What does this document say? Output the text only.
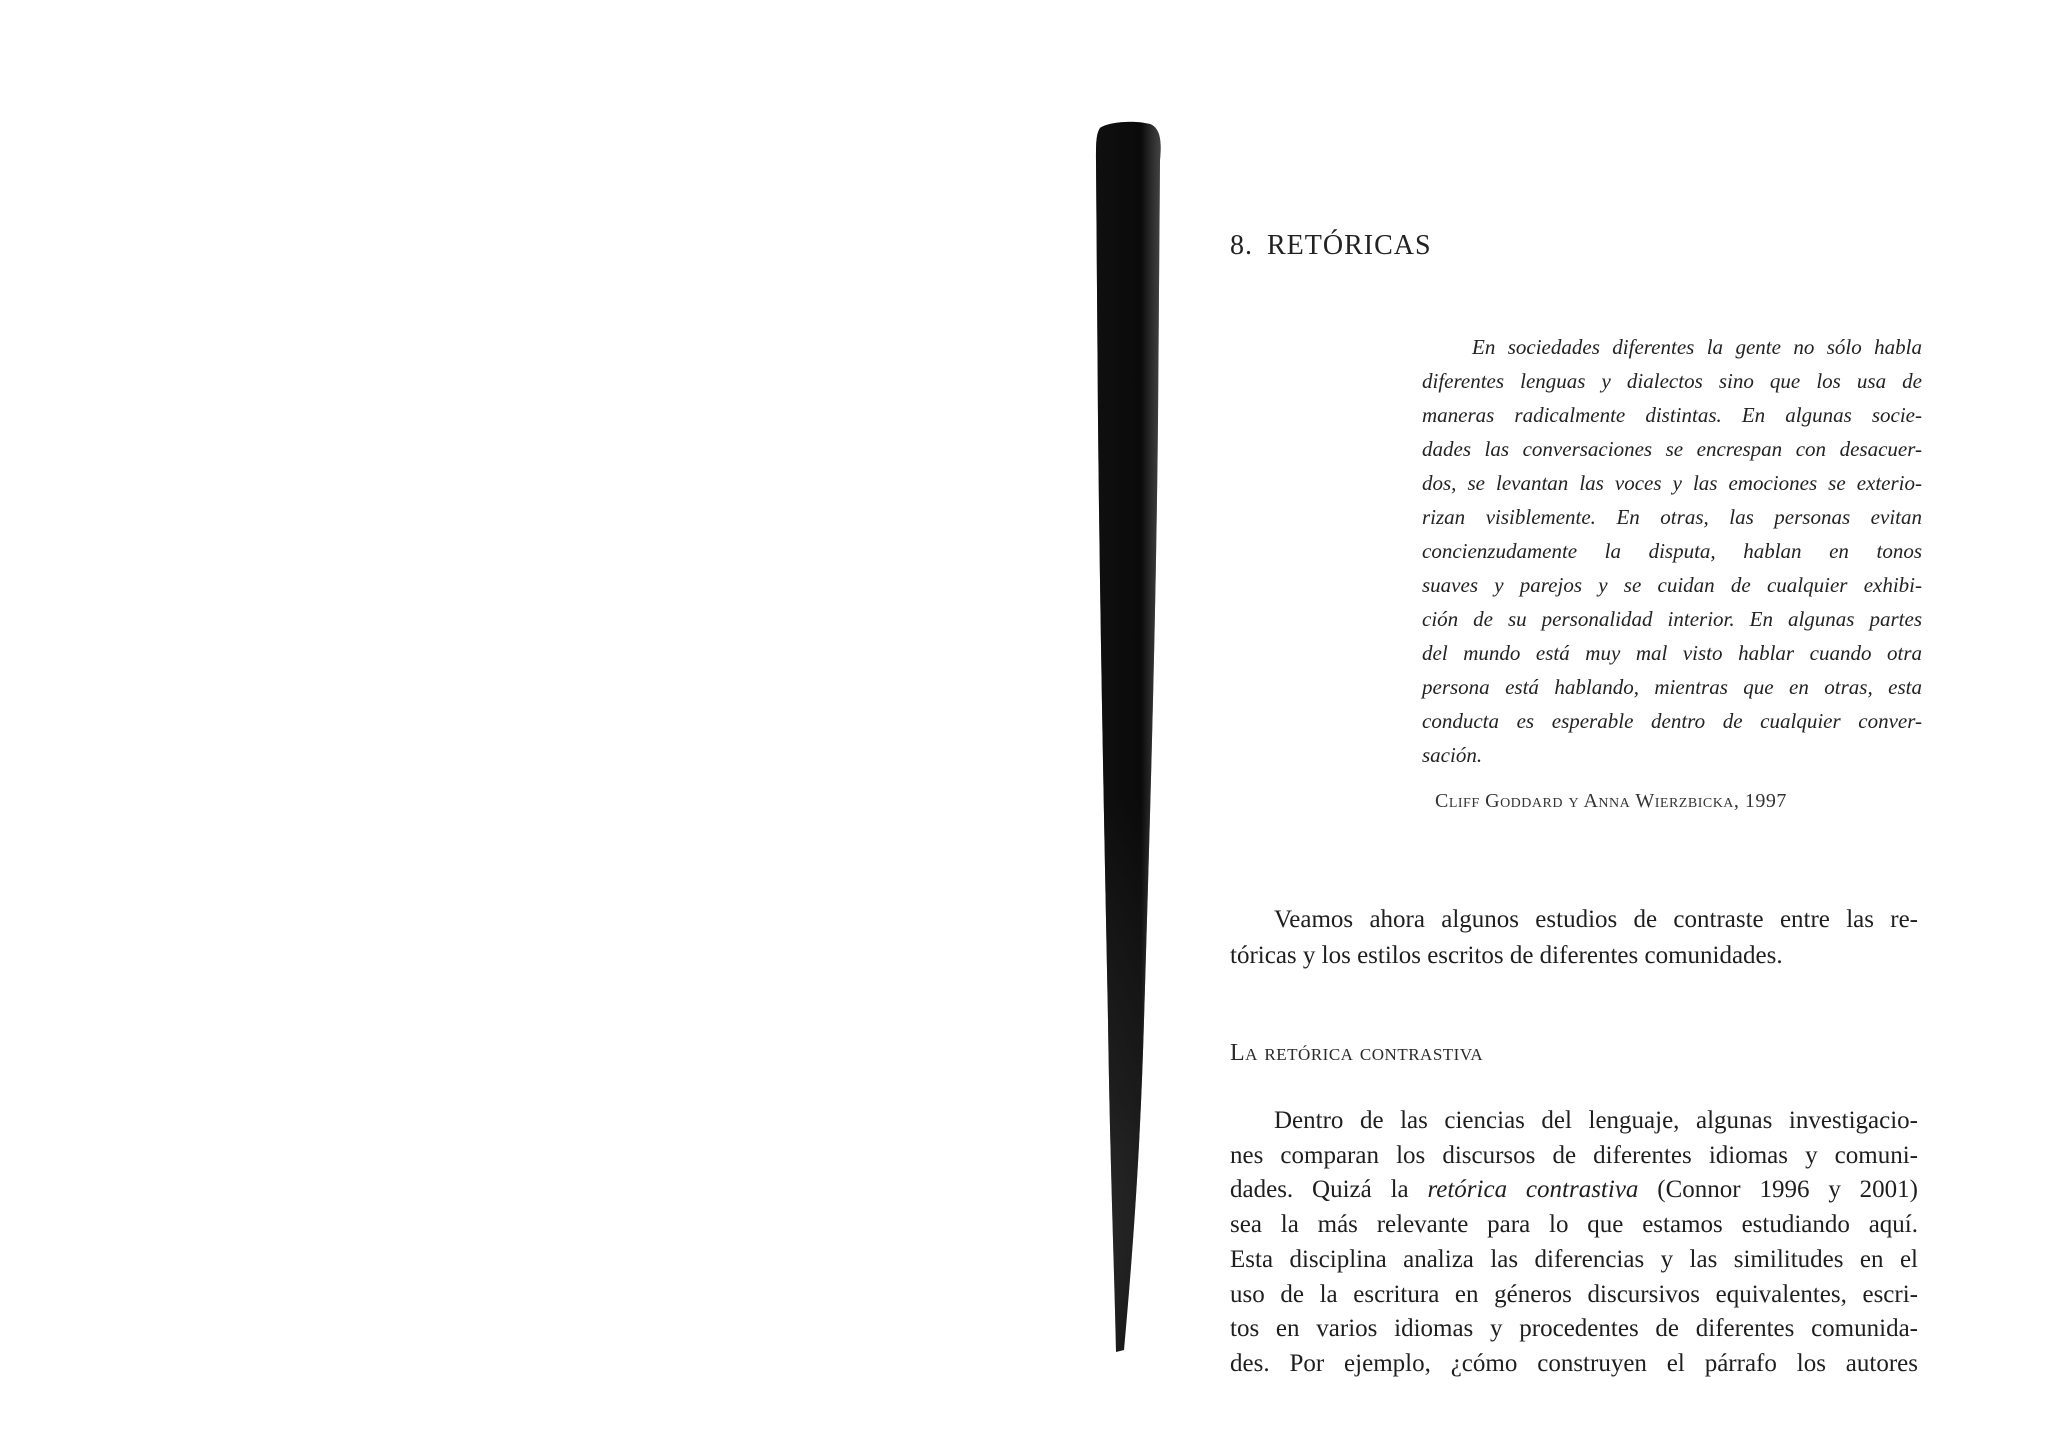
8. RETÓRICAS
En sociedades diferentes la gente no sólo habla
diferentes lenguas y dialectos sino que los usa de
maneras radicalmente distintas. En algunas socie-
dades las conversaciones se encrespan con desacuer-
dos, se levantan las voces y las emociones se exterio-
rizan visiblemente. En otras, las personas evitan
concienzudamente la disputa, hablan en tonos
suaves y parejos y se cuidan de cualquier exhibi-
ción de su personalidad interior. En algunas partes
del mundo está muy mal visto hablar cuando otra
persona está hablando, mientras que en otras, esta
conducta es esperable dentro de cualquier conver-
sación.
Cliff Goddard y Anna Wierzbicka, 1997
Veamos ahora algunos estudios de contraste entre las re-
tóricas y los estilos escritos de diferentes comunidades.
La retórica contrastiva
Dentro de las ciencias del lenguaje, algunas investigacio-
nes comparan los discursos de diferentes idiomas y comuni-
dades. Quizá la retórica contrastiva (Connor 1996 y 2001)
sea la más relevante para lo que estamos estudiando aquí.
Esta disciplina analiza las diferencias y las similitudes en el
uso de la escritura en géneros discursivos equivalentes, escri-
tos en varios idiomas y procedentes de diferentes comunida-
des. Por ejemplo, ¿cómo construyen el párrafo los autores
